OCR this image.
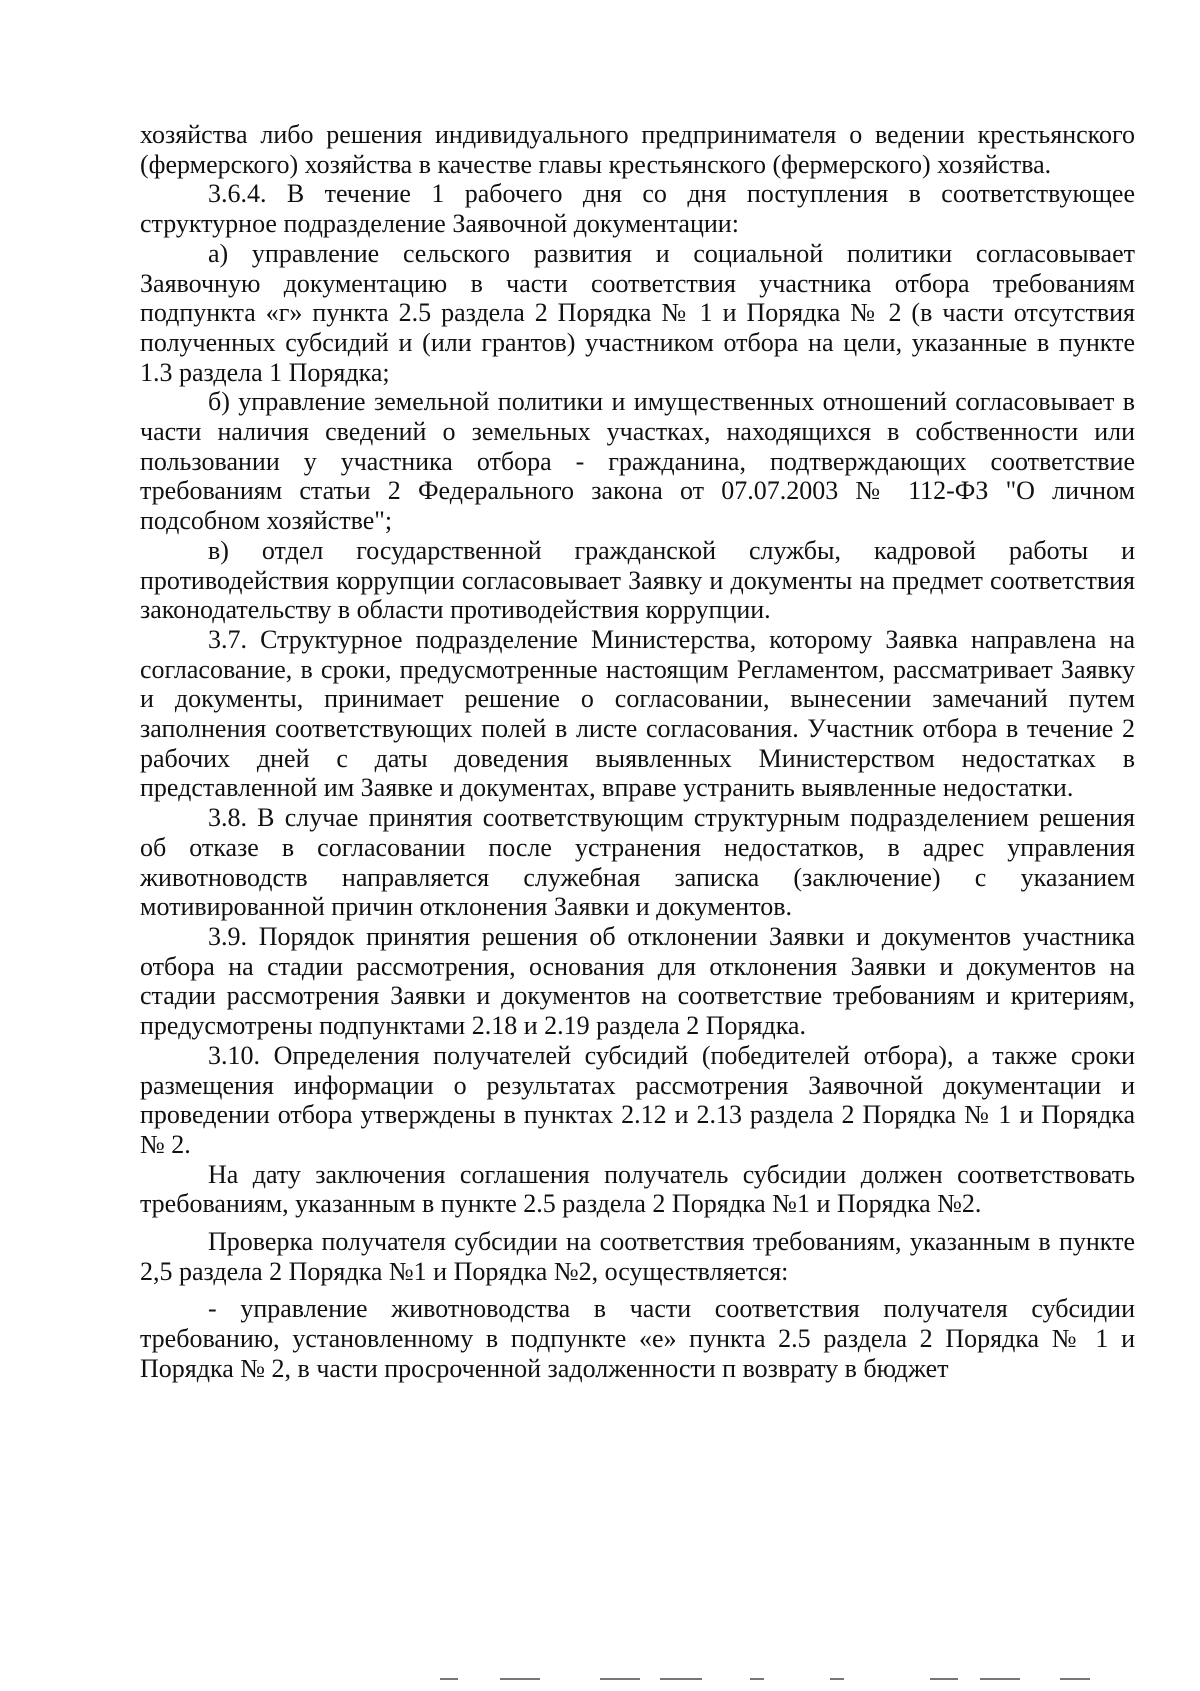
хозяйства либо решения индивидуального предпринимателя о ведении крестьянского (фермерского) хозяйства в качестве главы крестьянского (фермерского) хозяйства.

3.6.4. В течение 1 рабочего дня со дня поступления в соответствующее структурное подразделение Заявочной документации:

а) управление сельского развития и социальной политики согласовывает Заявочную документацию в части соответствия участника отбора требованиям подпункта «г» пункта 2.5 раздела 2 Порядка № 1 и Порядка № 2 (в части отсутствия полученных субсидий и (или грантов) участником отбора на цели, указанные в пункте 1.3 раздела 1 Порядка;

б) управление земельной политики и имущественных отношений согласовывает в части наличия сведений о земельных участках, находящихся в собственности или пользовании у участника отбора - гражданина, подтверждающих соответствие требованиям статьи 2 Федерального закона от 07.07.2003 № 112-ФЗ "О личном подсобном хозяйстве";

в) отдел государственной гражданской службы, кадровой работы и противодействия коррупции согласовывает Заявку и документы на предмет соответствия законодательству в области противодействия коррупции.

3.7. Структурное подразделение Министерства, которому Заявка направлена на согласование, в сроки, предусмотренные настоящим Регламентом, рассматривает Заявку и документы, принимает решение о согласовании, вынесении замечаний путем заполнения соответствующих полей в листе согласования. Участник отбора в течение 2 рабочих дней с даты доведения выявленных Министерством недостатках в представленной им Заявке и документах, вправе устранить выявленные недостатки.

3.8. В случае принятия соответствующим структурным подразделением решения об отказе в согласовании после устранения недостатков, в адрес управления животноводств направляется служебная записка (заключение) с указанием мотивированной причин отклонения Заявки и документов.

3.9. Порядок принятия решения об отклонении Заявки и документов участника отбора на стадии рассмотрения, основания для отклонения Заявки и документов на стадии рассмотрения Заявки и документов на соответствие требованиям и критериям, предусмотрены подпунктами 2.18 и 2.19 раздела 2 Порядка.

3.10. Определения получателей субсидий (победителей отбора), а также сроки размещения информации о результатах рассмотрения Заявочной документации и проведении отбора утверждены в пунктах 2.12 и 2.13 раздела 2 Порядка № 1 и Порядка № 2.

На дату заключения соглашения получатель субсидии должен соответствовать требованиям, указанным в пункте 2.5 раздела 2 Порядка №1 и Порядка №2.

Проверка получателя субсидии на соответствия требованиям, указанным в пункте 2,5 раздела 2 Порядка №1 и Порядка №2, осуществляется:

- управление животноводства в части соответствия получателя субсидии требованию, установленному в подпункте «е» пункта 2.5 раздела 2 Порядка № 1 и Порядка № 2, в части просроченной задолженности п возврату в бюджет
